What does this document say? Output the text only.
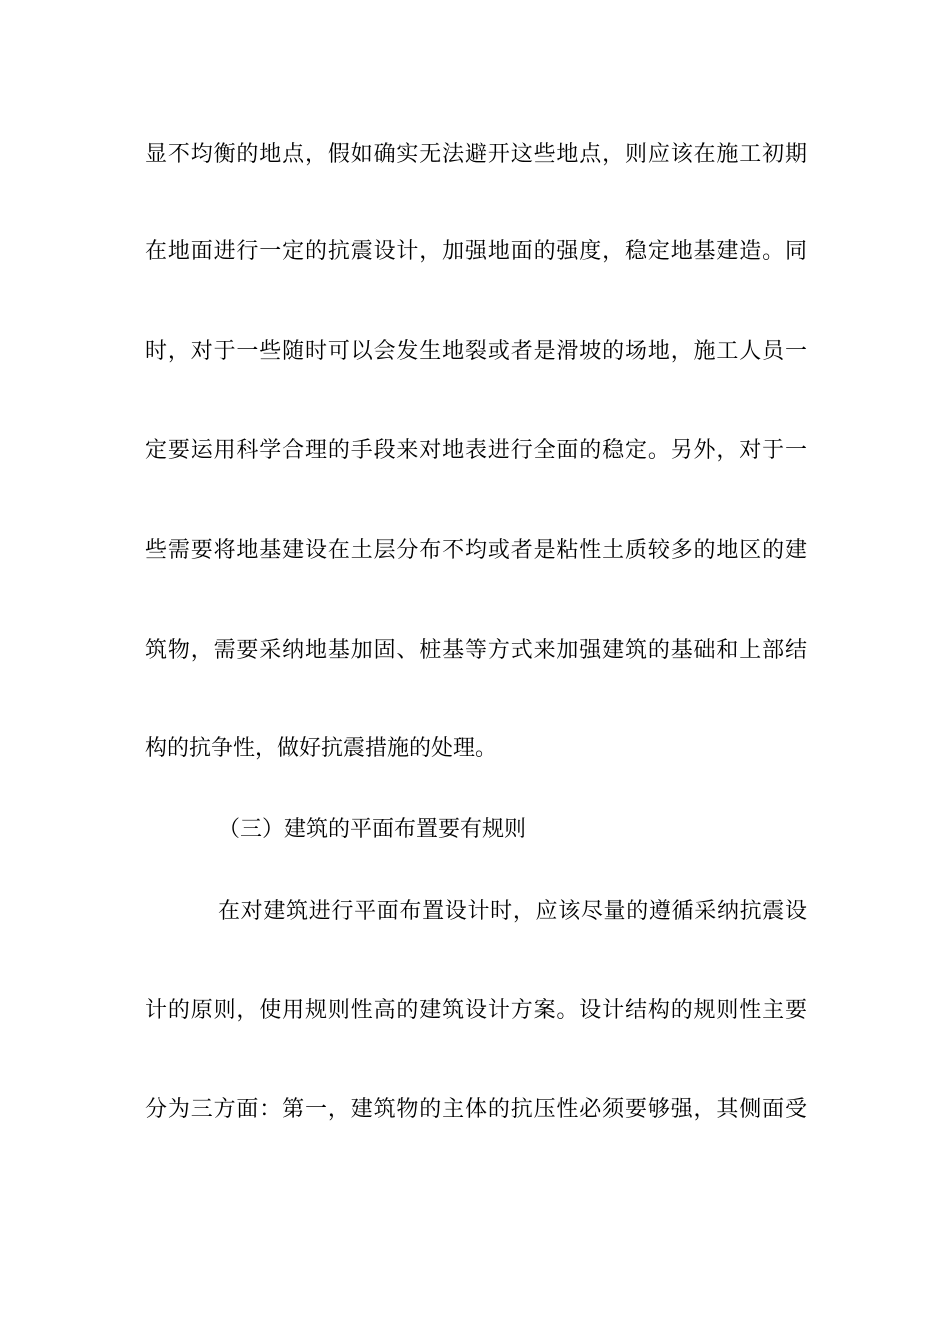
显不均衡的地点，假如确实无法避开这些地点，则应该在施工初期
在地面进行一定的抗震设计，加强地面的强度，稳定地基建造。同
时，对于一些随时可以会发生地裂或者是滑坡的场地，施工人员一
定要运用科学合理的手段来对地表进行全面的稳定。另外，对于一
些需要将地基建设在土层分布不均或者是粘性土质较多的地区的建
筑物，需要采纳地基加固、桩基等方式来加强建筑的基础和上部结
构的抗争性，做好抗震措施的处理。
（三）建筑的平面布置要有规则
在对建筑进行平面布置设计时，应该尽量的遵循采纳抗震设
计的原则，使用规则性高的建筑设计方案。设计结构的规则性主要
分为三方面：第一，建筑物的主体的抗压性必须要够强，其侧面受
